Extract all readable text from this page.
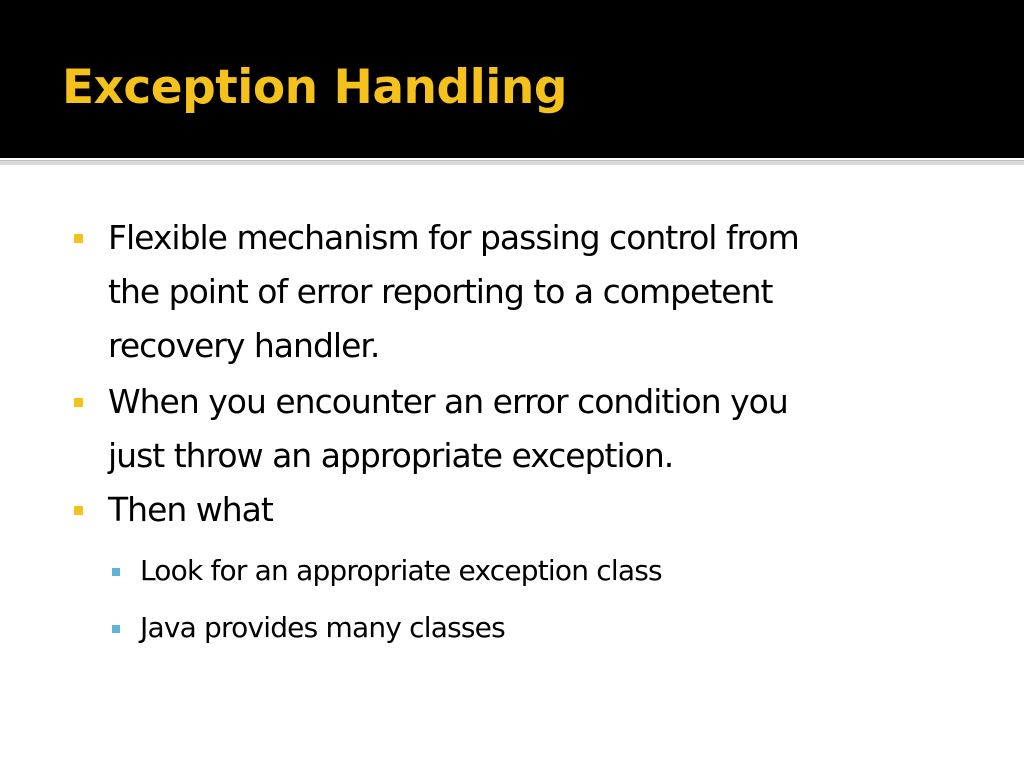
Exception Handling
Flexible mechanism for passing control from
the point of error reporting to a competent
recovery handler.
When you encounter an error condition you
just throw an appropriate exception.
Then what
Look for an appropriate exception class
Java provides many classes
